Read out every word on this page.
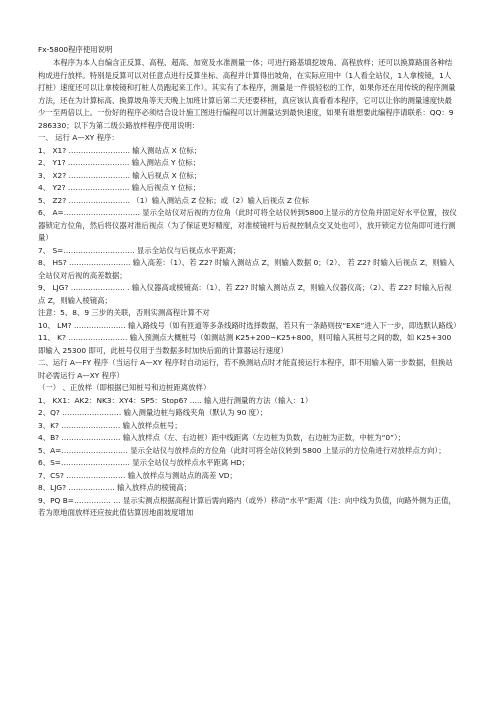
Fx-5800程序使用说明

本程序为本人自编含正反算、高程、超高、加宽及水准测量一体；可进行路基填挖坡角、高程放样；还可以换算路面各种结构成进行放样。特别是反算可以对任意点进行反算坐标、高程并计算得出坡角，在实际应用中（1人看全站仪，1人拿棱镜，1人打桩）速度还可以让拿棱镜和打桩人员跑起来工作）。其实有了本程序，测量是一件很轻松的工作，如果你还在用传统的程序测量方法，还在为计算标高、换算坡角等天天晚上加班计算后第二天还要移桩，真应该认真看看本程序，它可以让你的测量速度快最少一至两倍以上。一份好的程序必须结合设计施工图进行编程可以计测量达到最快速度，如果有谁想要此编程序请联系：QQ：9286330；以下为第二级公路放样程序使用说明：

一、 运行 A—XY 程序：

1、 X1? ……………………. 输入测站点 X 位标；

2、 Y1? ……………………. 输入测站点 Y 位标；

3、 X2? ……………………. 输入后视点 X 位标；

4、 Y2? ……………………. 输入后视点 Y 位标；

5、 Z2? ……………………. （1）输入测站点 Z 位标；或（2）输入后视点 Z 位标

6、 A=…………………………. 显示全站仪对后视的方位角（此时可将全站仪转到5800上显示的方位角并固定好水平位置，按仪器锁定方位角，然后将仪器对准后视点（为了保证更好精度，对准棱镜杆与后视控制点交叉处也可），放开锁定方位角即可进行测量）

7、 S=……………………….. 显示全站仪与后视点水平距离；

8、 HS? ……………………. 输入高差：（1）、若 Z2? 时输入测站点 Z，则输入数据 0；（2）、 若 Z2? 时输入后视点 Z，则输入全站仪对后视的高差数据；

9、 LJG? …………………. . 输入仪器高或棱镜高：（1）、若 Z2? 时输入测站点 Z，则输入仪器仪高；（2）、若 Z2? 时输入后视点 Z，则输入棱镜高；

注意：5、8、9 三步的关联，否则实测高程计算不对

10、 LM? ………………… 输入路线号（如有匝道等多条线路时选择数据，若只有一条路则按“EXE”进入下一步，即选默认路线）

11、 K? …………………… 输入预测点大概桩号（如测站测 K25+200~K25+800，则可输入其桩号之间的数，如 K25+300 即输入 25300 即可，此桩号仅用于当数据多时加快后面的计算器运行速度）

二、运行 A—FY 程序（当运行 A—XY 程序时自动运行，若不换测站点时才能直接运行本程序，即不用输入第一步数据，但换站时必需运行 A—XY 程序）

（一） 、正放样（即根据已知桩号和边桩距离放样）

1、 KX1：AK2：NK3：XY4：SP5：Stop6? ….. 输入进行测量的方法（输入：1）

2、Q? …………………… 输入测量边桩与路线夹角（默认为 90 度）；

3、K? …………………… 输入放样点桩号；

4、B? …………………… 输入放样点（左、右边桩）距中线距离（左边桩为负数，右边桩为正数，中桩为“0”）；

5、A=……………………… 显示全站仪与放样点的方位角（此时可将全站仪转到 5800 上显示的方位角进行对放样点方向）；

6、S=………………………. 显示全站仪与放样点水平距离 HD；

7、CS? …………………… 输入放样点与测站点的高差 VD；

8、LJG? ………..…….. 输入放样点的棱镜高；

9、PQ B=…………… … 显示实测点根据高程计算后需向路内（或外）移动“水平”距离（注：向中线为负值，向路外侧为正值，若为原地面放样还应按此值估算因地面坡度增加
